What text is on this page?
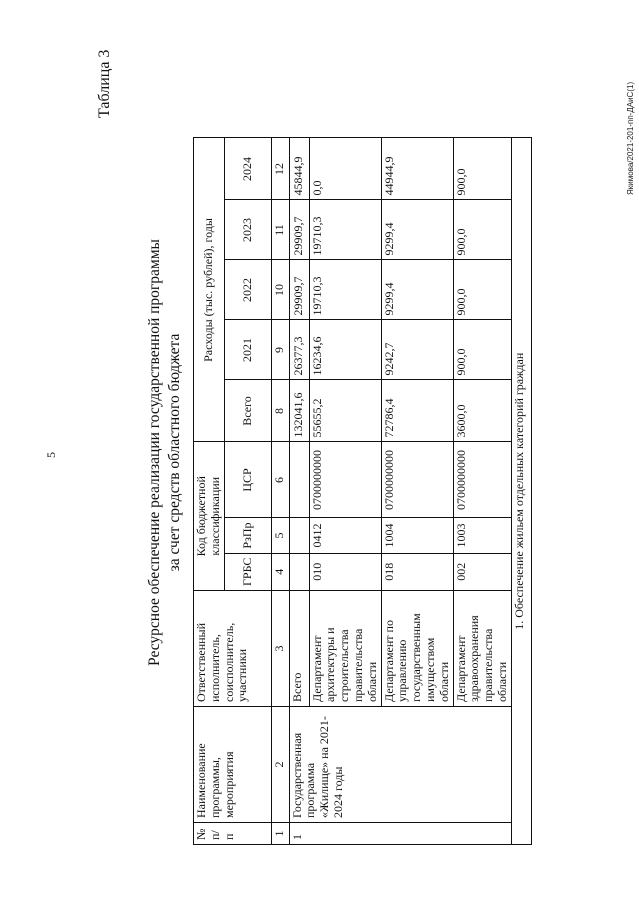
5
Таблица 3	Якимова/2021-201-пп-ДАиС(1)
Ресурсное обеспечение реализации государственной программы за счет средств областного бюджета
№ п/п	Наименование программы, мероприятия	Ответственный исполнитель, соисполнитель, участники	Код бюджетной классификации			Расходы (тыс. рублей), годы				
			ГРБС	РзПр	ЦСР	Всего	2021	2022	2023	2024

1	2	3	4	5	6	8	9	10	11	12
1	Государственная программа «Жилище» на 2021-2024 годы	Всего				132041,6	26377,3	29909,7	29909,7	45844,9
		Департамент архитектуры и строительства правительства области	010	0412	0700000000	55655,2	16234,6	19710,3	19710,3	0,0
		Департамент по управлению государственным имуществом области	018	1004	0700000000	72786,4	9242,7	9299,4	9299,4	44944,9
		Департамент здравоохранения правительства области	002	1003	0700000000	3600,0	900,0	900,0	900,0	900,0
1. Обеспечение жильем отдельных категорий граждан										
